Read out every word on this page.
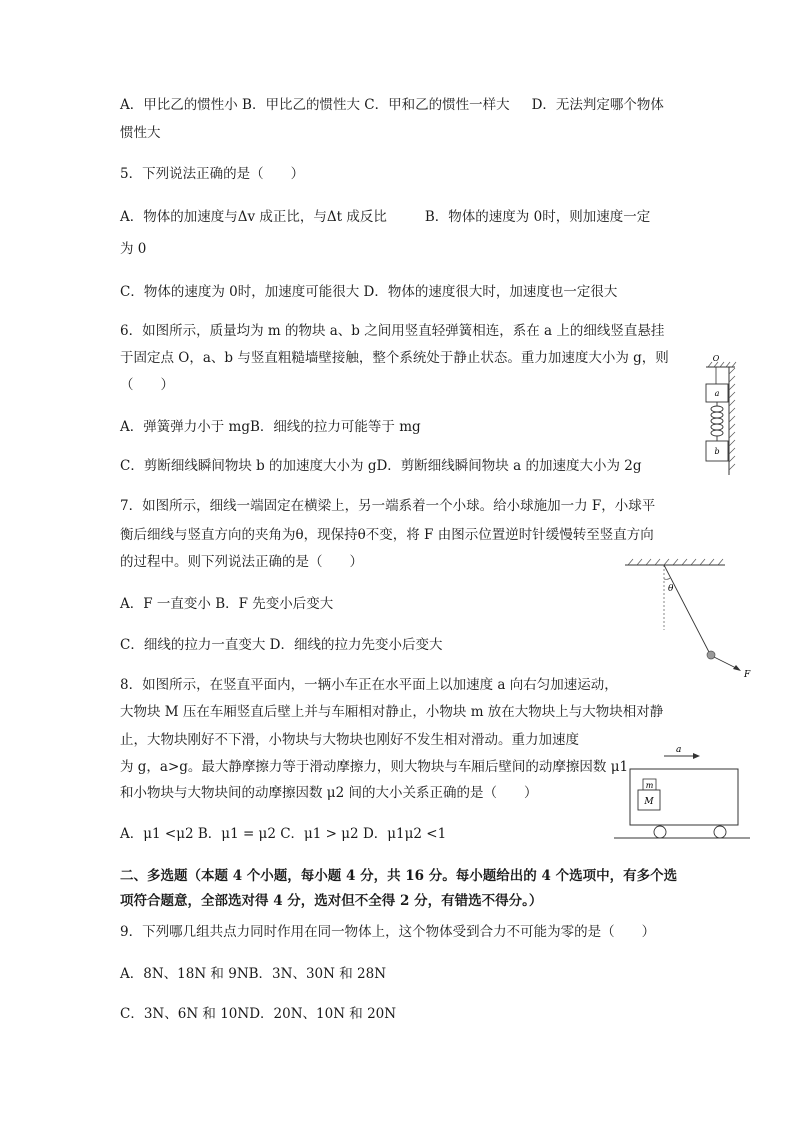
A．甲比乙的惯性小 B．甲比乙的惯性大 C．甲和乙的惯性一样大 D．无法判定哪个物体
惯性大
5．下列说法正确的是（　　）
A．物体的加速度与Δv 成正比，与Δt 成反比	B．物体的速度为 0时，则加速度一定
为 0
C．物体的速度为 0时，加速度可能很大 D．物体的速度很大时，加速度也一定很大
6．如图所示，质量均为 m 的物块 a、b 之间用竖直轻弹簧相连，系在 a 上的细线竖直悬挂
于固定点 O，a、b 与竖直粗糙墙壁接触，整个系统处于静止状态。重力加速度大小为 g，则
（　　）
A．弹簧弹力小于 mgB．细线的拉力可能等于 mg
C．剪断细线瞬间物块 b 的加速度大小为 gD．剪断细线瞬间物块 a 的加速度大小为 2g
O
a
b
7．如图所示，细线一端固定在横梁上，另一端系着一个小球。给小球施加一力 F，小球平
衡后细线与竖直方向的夹角为θ，现保持θ不变，将 F 由图示位置逆时针缓慢转至竖直方向
的过程中。则下列说法正确的是（　　）
A．F 一直变小 B．F 先变小后变大
C．细线的拉力一直变大 D．细线的拉力先变小后变大
θ
F
8．如图所示，在竖直平面内，一辆小车正在水平面上以加速度 a 向右匀加速运动，
大物块 M 压在车厢竖直后壁上并与车厢相对静止，小物块 m 放在大物块上与大物块相对静
止，大物块刚好不下滑，小物块与大物块也刚好不发生相对滑动。重力加速度
为 g，a>g。最大静摩擦力等于滑动摩擦力，则大物块与车厢后壁间的动摩擦因数 μ1
和小物块与大物块间的动摩擦因数 μ2 间的大小关系正确的是（　　）
A．μ1 <μ2 B．μ1 = μ2 C．μ1 > μ2 D．μ1μ2 <1
a
m
M
二、多选题（本题 4 个小题，每小题 4 分，共 16 分。每小题给出的 4 个选项中，有多个选
项符合题意，全部选对得 4 分，选对但不全得 2 分，有错选不得分。）
9．下列哪几组共点力同时作用在同一物体上，这个物体受到合力不可能为零的是（　　）
A．8N、18N 和 9NB．3N、30N 和 28N
C．3N、6N 和 10ND．20N、10N 和 20N
